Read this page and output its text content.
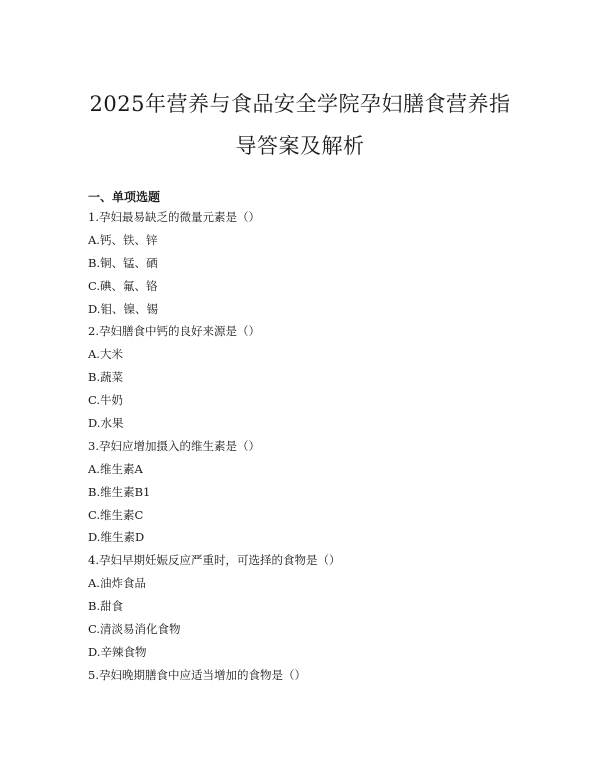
2025年营养与食品安全学院孕妇膳食营养指
导答案及解析
一、单项选题
1.孕妇最易缺乏的微量元素是（）
A.钙、铁、锌
B.铜、锰、硒
C.碘、氟、铬
D.钼、镍、锡
2.孕妇膳食中钙的良好来源是（）
A.大米
B.蔬菜
C.牛奶
D.水果
3.孕妇应增加摄入的维生素是（）
A.维生素A
B.维生素B1
C.维生素C
D.维生素D
4.孕妇早期妊娠反应严重时，可选择的食物是（）
A.油炸食品
B.甜食
C.清淡易消化食物
D.辛辣食物
5.孕妇晚期膳食中应适当增加的食物是（）
